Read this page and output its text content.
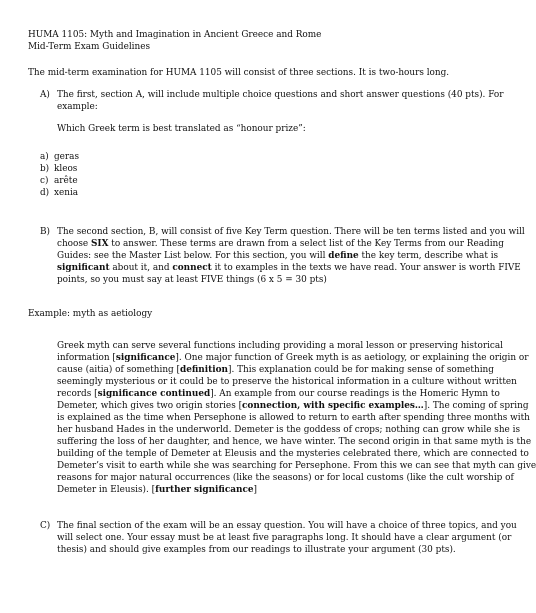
HUMA 1105: Myth and Imagination in Ancient Greece and Rome

Mid-Term Exam Guidelines

The mid-term examination for HUMA 1105 will consist of three sections. It is two-hours long.

A) The first, section A, will include multiple choice questions and short answer questions (40 pts). For

example:

Which Greek term is best translated as “honour prize”:

a) geras
b) kleos
c) arête
d) xenia
B) The second section, B, will consist of five Key Term question. There will be ten terms listed and you will

choose SIX to answer. These terms are drawn from a select list of the Key Terms from our Reading

Guides: see the Master List below. For this section, you will define the key term, describe what is

significant about it, and connect it to examples in the texts we have read. Your answer is worth FIVE

points, so you must say at least FIVE things (6 x 5 = 30 pts)

Example: myth as aetiology

Greek myth can serve several functions including providing a moral lesson or preserving historical

information [significance]. One major function of Greek myth is as aetiology, or explaining the origin or

cause (aitia) of something [definition]. This explanation could be for making sense of something

seemingly mysterious or it could be to preserve the historical information in a culture without written

records [significance continued]. An example from our course readings is the Homeric Hymn to

Demeter, which gives two origin stories [connection, with specific examples…]. The coming of spring

is explained as the time when Persephone is allowed to return to earth after spending three months with

her husband Hades in the underworld. Demeter is the goddess of crops; nothing can grow while she is

suffering the loss of her daughter, and hence, we have winter. The second origin in that same myth is the

building of the temple of Demeter at Eleusis and the mysteries celebrated there, which are connected to

Demeter’s visit to earth while she was searching for Persephone. From this we can see that myth can give

reasons for major natural occurrences (like the seasons) or for local customs (like the cult worship of

Demeter in Eleusis). [further significance]

C) The final section of the exam will be an essay question. You will have a choice of three topics, and you

will select one. Your essay must be at least five paragraphs long. It should have a clear argument (or

thesis) and should give examples from our readings to illustrate your argument (30 pts).
